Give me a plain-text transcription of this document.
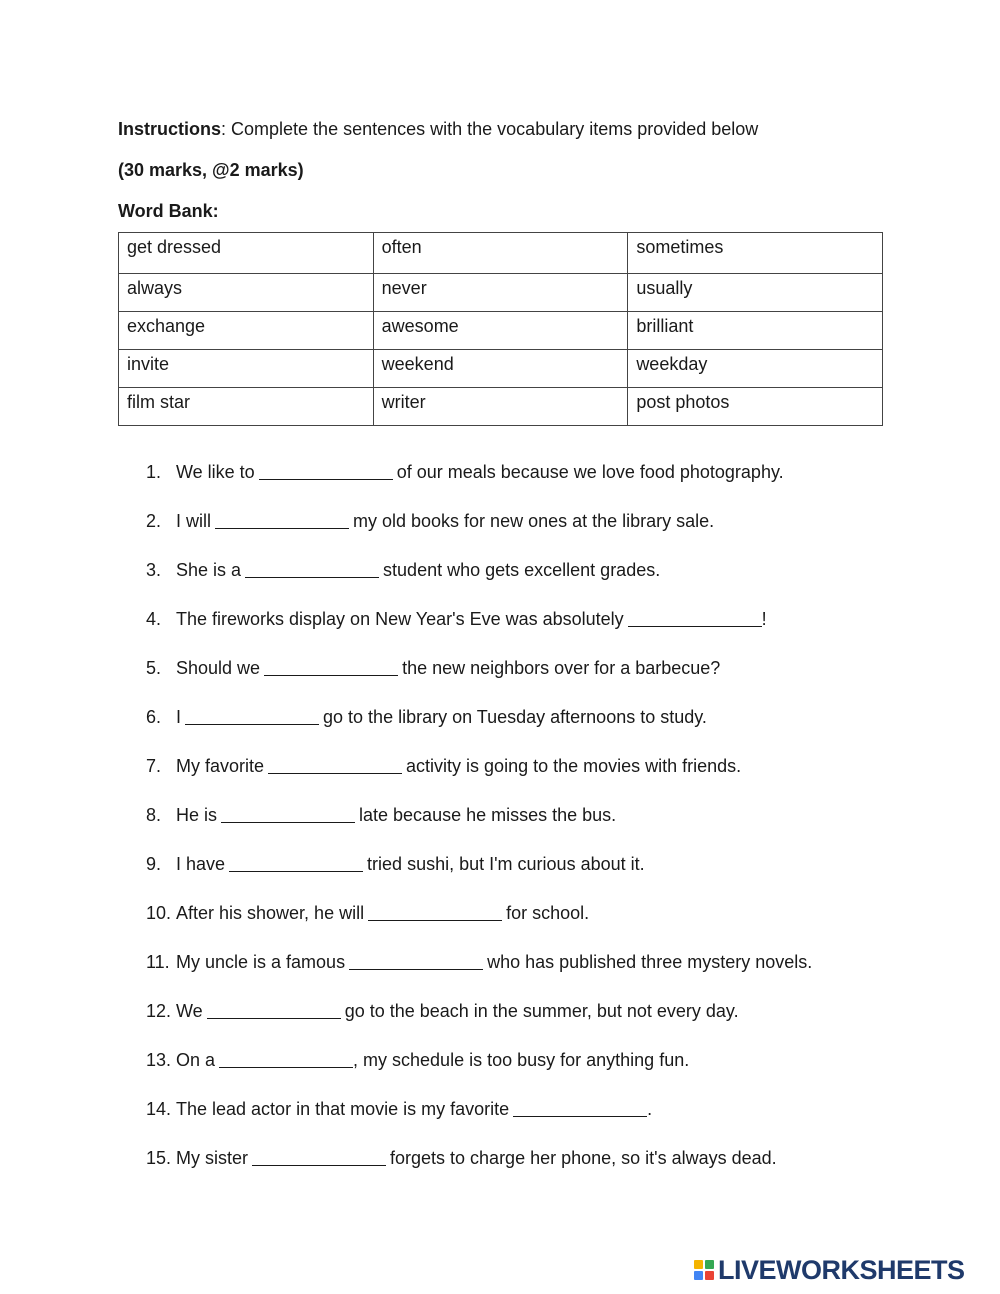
Instructions: Complete the sentences with the vocabulary items provided below
(30 marks, @2 marks)
Word Bank:
get dressed	often	sometimes
always	never	usually
exchange	awesome	brilliant
invite	weekend	weekday
film star	writer	post photos
1. We like to	of our meals because we love food photography.
2. I will	my old books for new ones at the library sale.
3. She is a	student who gets excellent grades.
4. The fireworks display on New Year's Eve was absolutely	!
5. Should we	the new neighbors over for a barbecue?
6. I	go to the library on Tuesday afternoons to study.
7. My favorite	activity is going to the movies with friends.
8. He is	late because he misses the bus.
9. I have	tried sushi, but I'm curious about it.
10. After his shower, he will	for school.
11. My uncle is a famous	who has published three mystery novels.
12. We	go to the beach in the summer, but not every day.
13. On a	, my schedule is too busy for anything fun.
14. The lead actor in that movie is my favorite	.
15. My sister	forgets to charge her phone, so it's always dead.
LIVEWORKSHEETS
